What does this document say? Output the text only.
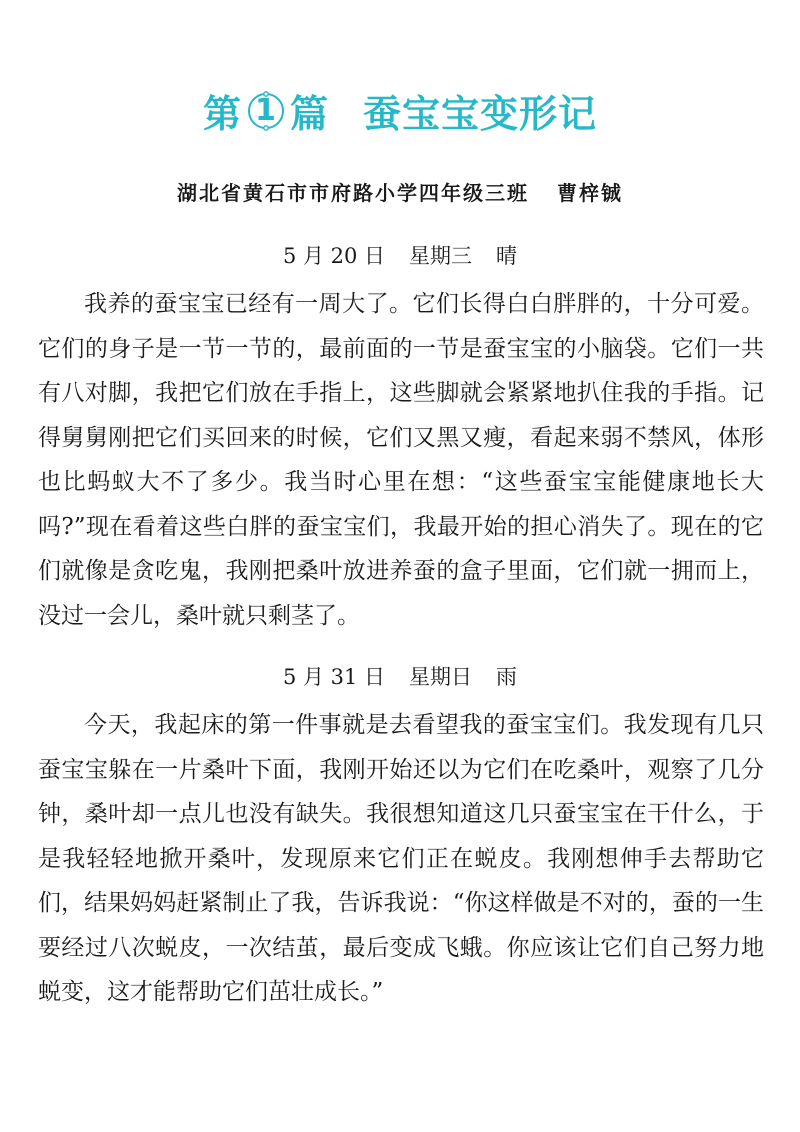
第 1 篇 蚕宝宝变形记
湖北省黄石市市府路小学四年级三班 曹梓铖
5 月 20 日 星期三 晴

我养的蚕宝宝已经有一周大了。它们长得白白胖胖的，十分可爱。它们的身子是一节一节的，最前面的一节是蚕宝宝的小脑袋。它们一共有八对脚，我把它们放在手指上，这些脚就会紧紧地扒住我的手指。记得舅舅刚把它们买回来的时候，它们又黑又瘦，看起来弱不禁风，体形也比蚂蚁大不了多少。我当时心里在想：“这些蚕宝宝能健康地长大吗?”现在看着这些白胖的蚕宝宝们，我最开始的担心消失了。现在的它们就像是贪吃鬼，我刚把桑叶放进养蚕的盒子里面，它们就一拥而上，没过一会儿，桑叶就只剩茎了。

5 月 31 日 星期日 雨

今天，我起床的第一件事就是去看望我的蚕宝宝们。我发现有几只蚕宝宝躲在一片桑叶下面，我刚开始还以为它们在吃桑叶，观察了几分钟，桑叶却一点儿也没有缺失。我很想知道这几只蚕宝宝在干什么，于是我轻轻地掀开桑叶，发现原来它们正在蜕皮。我刚想伸手去帮助它们，结果妈妈赶紧制止了我，告诉我说：“你这样做是不对的，蚕的一生要经过八次蜕皮，一次结茧，最后变成飞蛾。你应该让它们自己努力地蜕变，这才能帮助它们茁壮成长。”
